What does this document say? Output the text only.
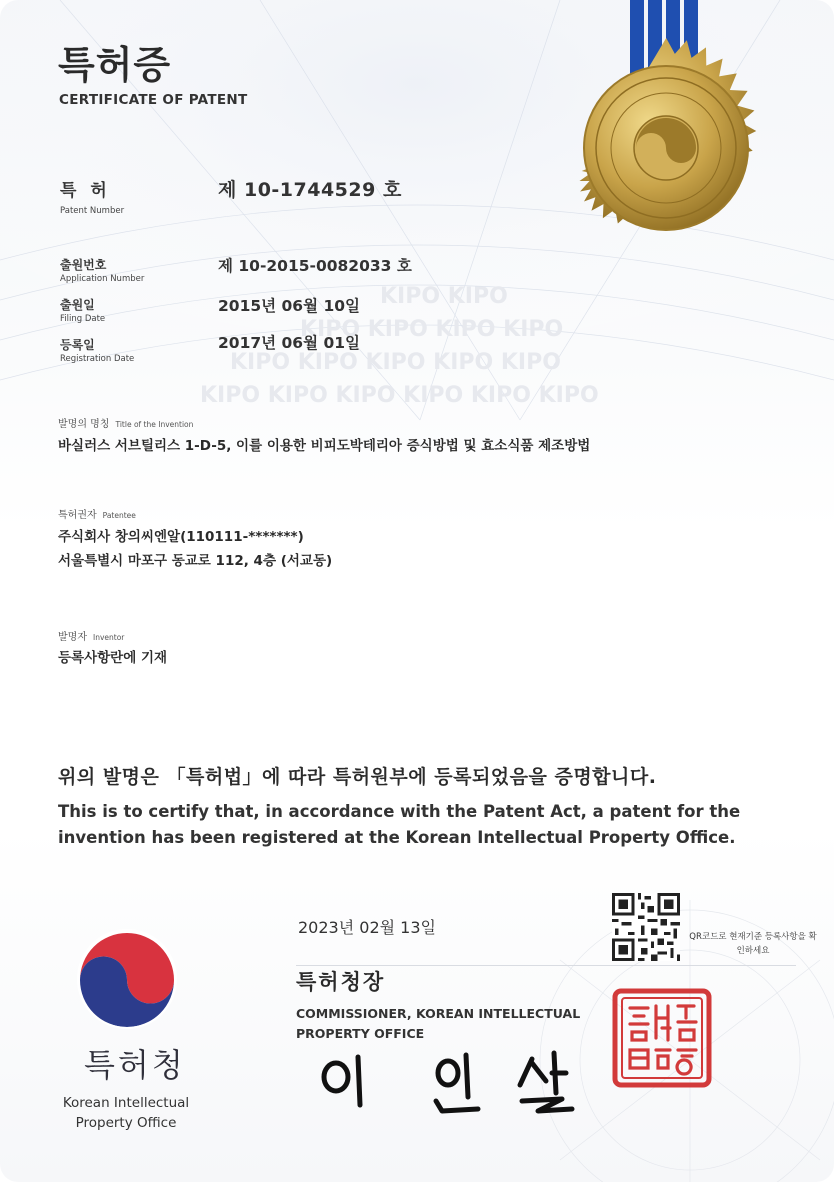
KIPO KIPO
KIPO KIPO KIPO KIPO
KIPO KIPO KIPO KIPO KIPO
KIPO KIPO KIPO KIPO KIPO KIPO
특허증
CERTIFICATE OF PATENT
특 허
Patent Number
제 10-1744529 호
출원번호
Application Number
제 10-2015-0082033 호
출원일
Filing Date
2015년 06월 10일
등록일
Registration Date
2017년 06월 01일
발명의 명칭 Title of the Invention
바실러스 서브틸리스 1-D-5, 이를 이용한 비피도박테리아 증식방법 및 효소식품 제조방법
특허권자 Patentee
주식회사 창의씨엔알(110111-*******)
서울특별시 마포구 동교로 112, 4층 (서교동)
발명자 Inventor
등록사항란에 기재
위의 발명은 「특허법」에 따라 특허원부에 등록되었음을 증명합니다.
This is to certify that, in accordance with the Patent Act, a patent for the invention has been registered at the Korean Intellectual Property Office.
2023년 02월 13일	QR코드로 현재기준 등록사항을 확인하세요
특허청장
COMMISSIONER, KOREAN INTELLECTUAL PROPERTY OFFICE
특허청
Korean Intellectual Property Office
